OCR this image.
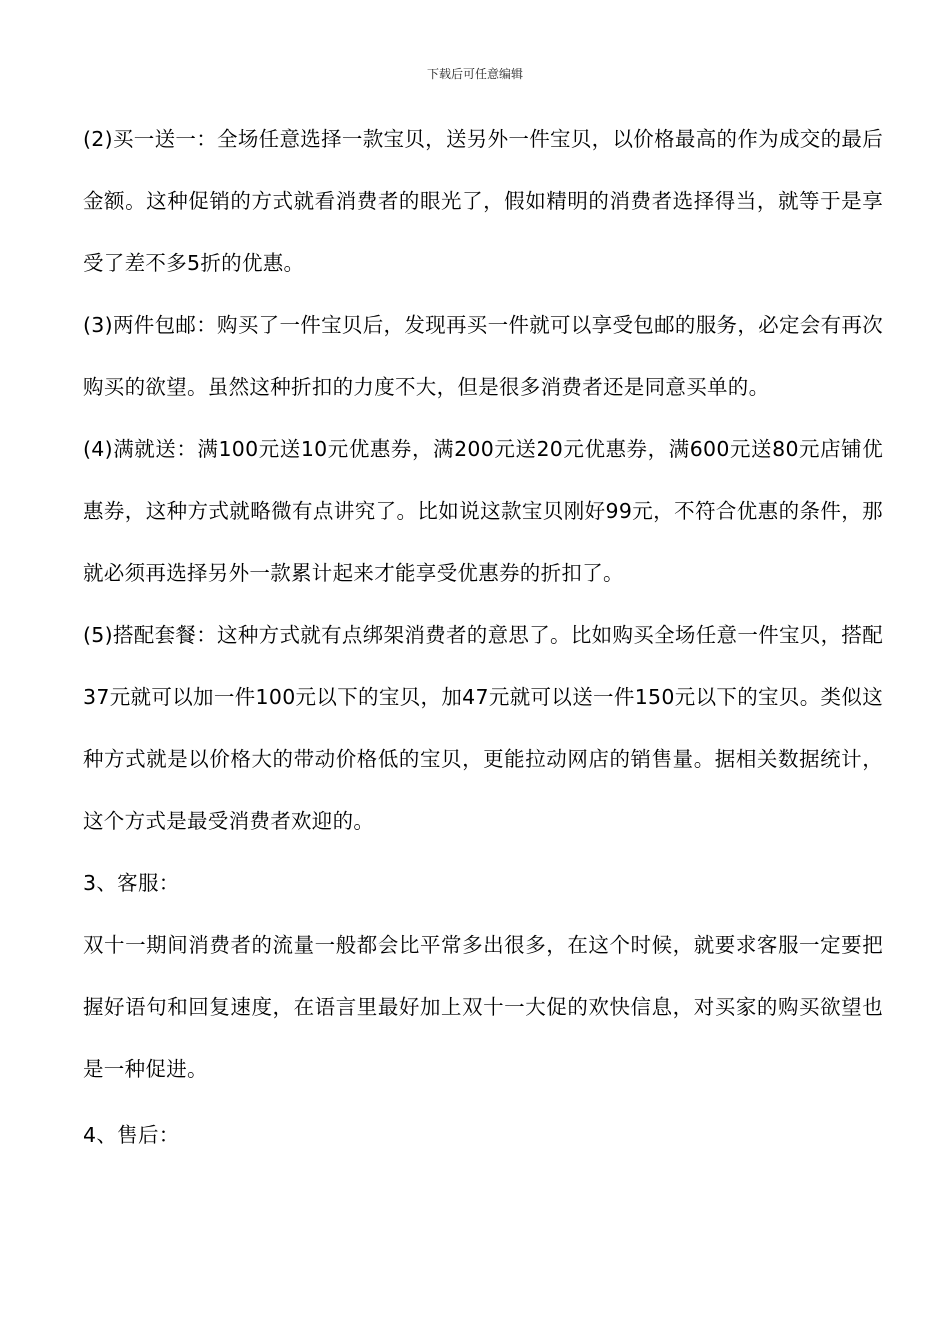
下载后可任意编辑

(2)买一送一：全场任意选择一款宝贝，送另外一件宝贝，以价格最高的作为成交的最后金额。这种促销的方式就看消费者的眼光了，假如精明的消费者选择得当，就等于是享受了差不多5折的优惠。

(3)两件包邮：购买了一件宝贝后，发现再买一件就可以享受包邮的服务，必定会有再次购买的欲望。虽然这种折扣的力度不大，但是很多消费者还是同意买单的。

(4)满就送：满100元送10元优惠券，满200元送20元优惠券，满600元送80元店铺优惠券，这种方式就略微有点讲究了。比如说这款宝贝刚好99元，不符合优惠的条件，那就必须再选择另外一款累计起来才能享受优惠券的折扣了。

(5)搭配套餐：这种方式就有点绑架消费者的意思了。比如购买全场任意一件宝贝，搭配37元就可以加一件100元以下的宝贝，加47元就可以送一件150元以下的宝贝。类似这种方式就是以价格大的带动价格低的宝贝，更能拉动网店的销售量。据相关数据统计，这个方式是最受消费者欢迎的。

3、客服：

双十一期间消费者的流量一般都会比平常多出很多，在这个时候，就要求客服一定要把握好语句和回复速度，在语言里最好加上双十一大促的欢快信息，对买家的购买欲望也是一种促进。

4、售后：
